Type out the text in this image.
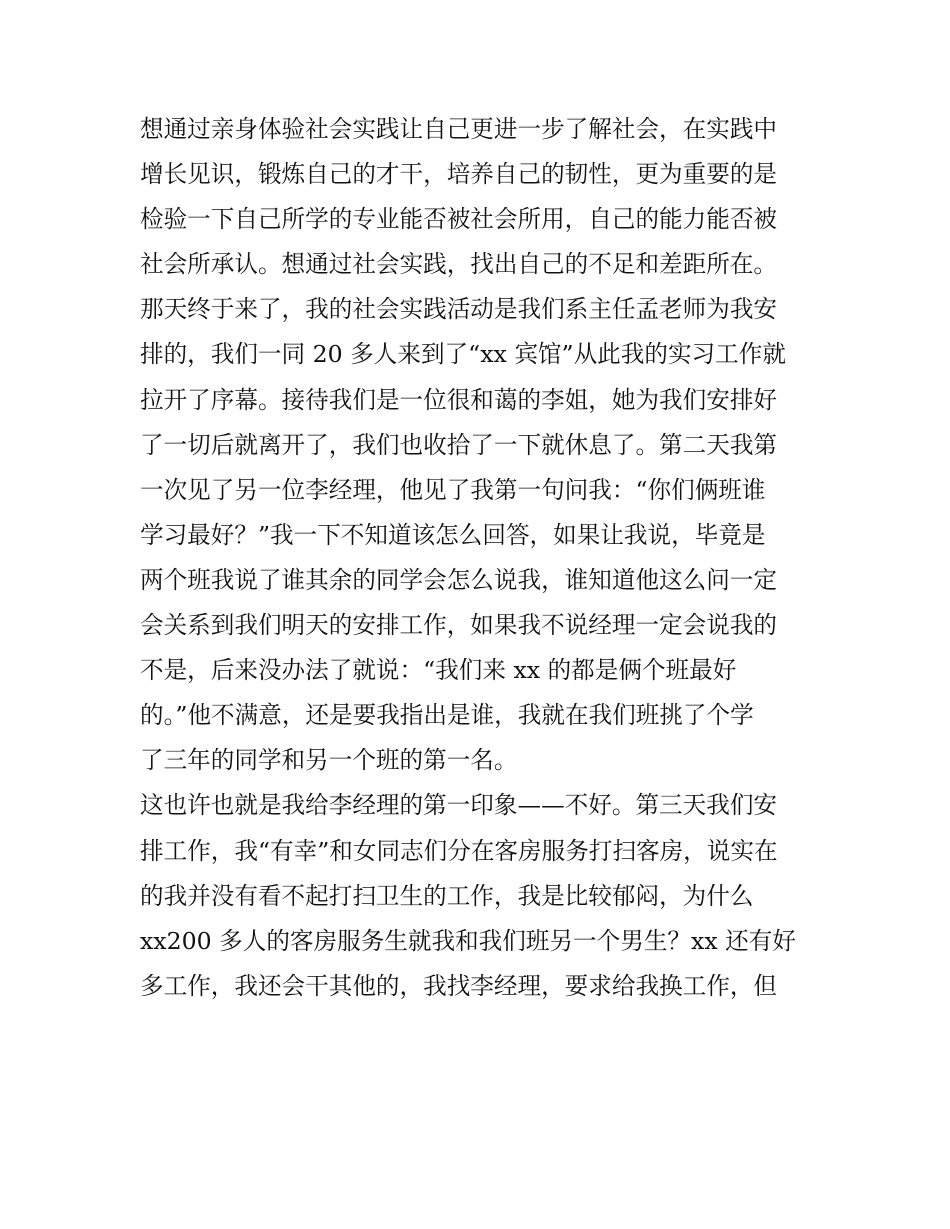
想通过亲身体验社会实践让自己更进一步了解社会，在实践中
增长见识，锻炼自己的才干，培养自己的韧性，更为重要的是
检验一下自己所学的专业能否被社会所用，自己的能力能否被
社会所承认。想通过社会实践，找出自己的不足和差距所在。
那天终于来了，我的社会实践活动是我们系主任孟老师为我安
排的，我们一同 20 多人来到了“xx 宾馆”从此我的实习工作就
拉开了序幕。接待我们是一位很和蔼的李姐，她为我们安排好
了一切后就离开了，我们也收拾了一下就休息了。第二天我第
一次见了另一位李经理，他见了我第一句问我：“你们俩班谁
学习最好？”我一下不知道该怎么回答，如果让我说，毕竟是
两个班我说了谁其余的同学会怎么说我，谁知道他这么问一定
会关系到我们明天的安排工作，如果我不说经理一定会说我的
不是，后来没办法了就说：“我们来 xx 的都是俩个班最好
的。”他不满意，还是要我指出是谁，我就在我们班挑了个学
了三年的同学和另一个班的第一名。
这也许也就是我给李经理的第一印象——不好。第三天我们安
排工作，我“有幸”和女同志们分在客房服务打扫客房，说实在
的我并没有看不起打扫卫生的工作，我是比较郁闷，为什么
xx200 多人的客房服务生就我和我们班另一个男生？xx 还有好
多工作，我还会干其他的，我找李经理，要求给我换工作，但
